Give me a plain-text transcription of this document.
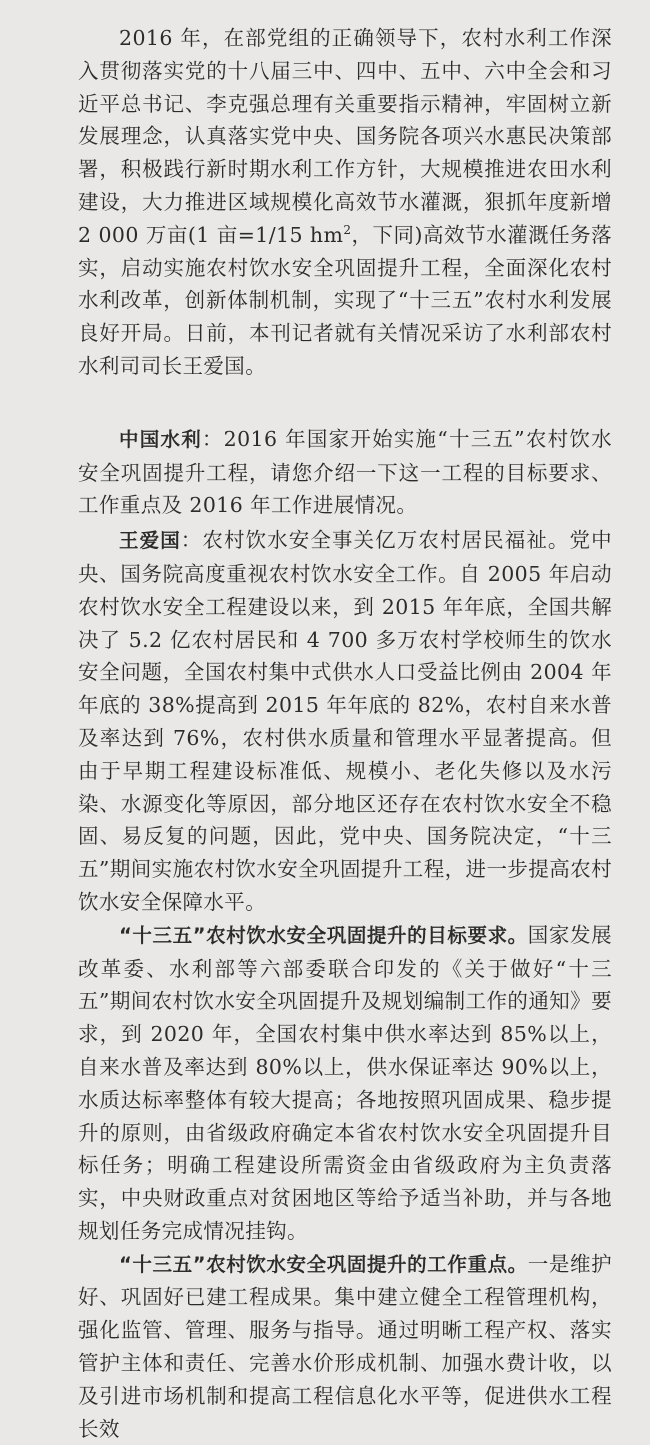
2016 年，在部党组的正确领导下，农村水利工作深入贯彻落实党的十八届三中、四中、五中、六中全会和习近平总书记、李克强总理有关重要指示精神，牢固树立新发展理念，认真落实党中央、国务院各项兴水惠民决策部署，积极践行新时期水利工作方针，大规模推进农田水利建设，大力推进区域规模化高效节水灌溉，狠抓年度新增 2 000 万亩(1 亩=1/15 $hm^2$，下同)高效节水灌溉任务落实，启动实施农村饮水安全巩固提升工程，全面深化农村水利改革，创新体制机制，实现了“十三五”农村水利发展良好开局。日前，本刊记者就有关情况采访了水利部农村水利司司长王爱国。

中国水利：2016 年国家开始实施“十三五”农村饮水安全巩固提升工程，请您介绍一下这一工程的目标要求、工作重点及 2016 年工作进展情况。

王爱国：农村饮水安全事关亿万农村居民福祉。党中央、国务院高度重视农村饮水安全工作。自 2005 年启动农村饮水安全工程建设以来，到 2015 年年底，全国共解决了 5.2 亿农村居民和 4 700 多万农村学校师生的饮水安全问题，全国农村集中式供水人口受益比例由 2004 年年底的 38%提高到 2015 年年底的 82%，农村自来水普及率达到 76%，农村供水质量和管理水平显著提高。但由于早期工程建设标准低、规模小、老化失修以及水污染、水源变化等原因，部分地区还存在农村饮水安全不稳固、易反复的问题，因此，党中央、国务院决定，“十三五”期间实施农村饮水安全巩固提升工程，进一步提高农村饮水安全保障水平。

“十三五”农村饮水安全巩固提升的目标要求。国家发展改革委、水利部等六部委联合印发的《关于做好“十三五”期间农村饮水安全巩固提升及规划编制工作的通知》要求，到 2020 年，全国农村集中供水率达到 85%以上，自来水普及率达到 80%以上，供水保证率达 90%以上，水质达标率整体有较大提高；各地按照巩固成果、稳步提升的原则，由省级政府确定本省农村饮水安全巩固提升目标任务；明确工程建设所需资金由省级政府为主负责落实，中央财政重点对贫困地区等给予适当补助，并与各地规划任务完成情况挂钩。

“十三五”农村饮水安全巩固提升的工作重点。一是维护好、巩固好已建工程成果。集中建立健全工程管理机构，强化监管、管理、服务与指导。通过明晰工程产权、落实管护主体和责任、完善水价形成机制、加强水费计收，以及引进市场机制和提高工程信息化水平等，促进供水工程长效
